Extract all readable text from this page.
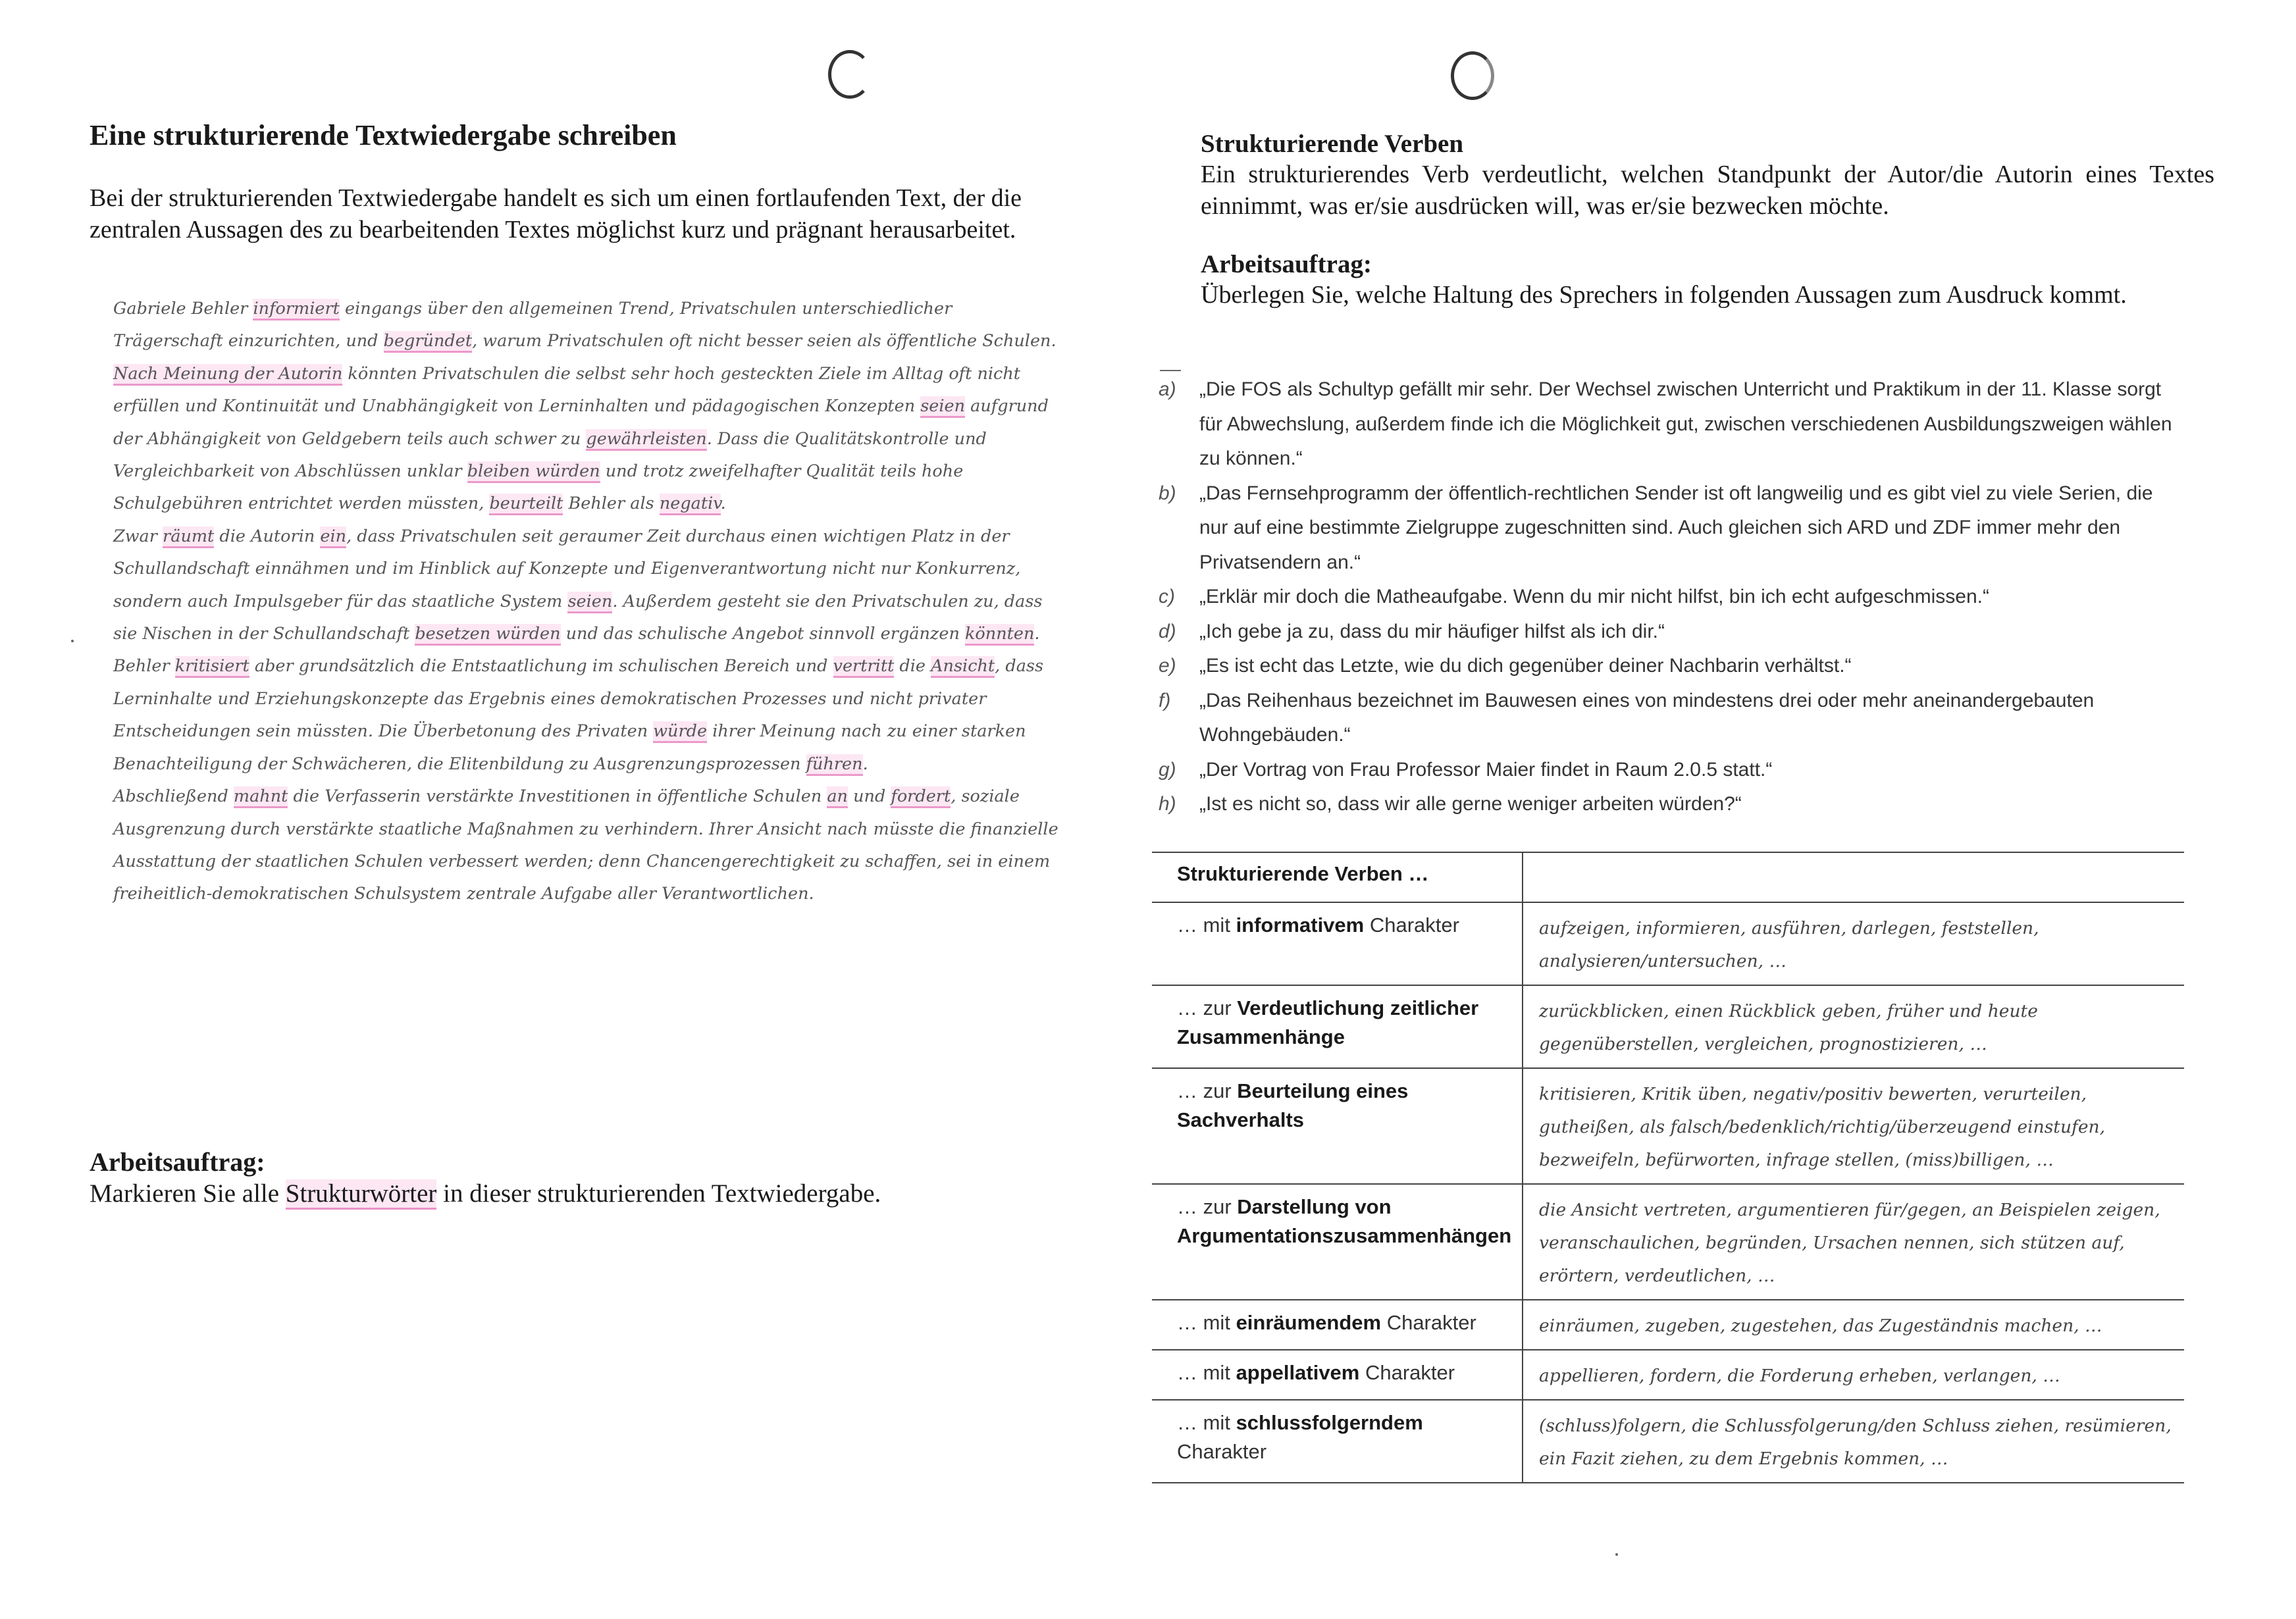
Eine strukturierende Textwiedergabe schreiben
Bei der strukturierenden Textwiedergabe handelt es sich um einen fortlaufenden Text, der die zentralen Aussagen des zu bearbeitenden Textes möglichst kurz und prägnant herausarbeitet.

Gabriele Behler informiert eingangs über den allgemeinen Trend, Privatschulen unterschiedlicher Trägerschaft einzurichten, und begründet, warum Privatschulen oft nicht besser seien als öffentliche Schulen. Nach Meinung der Autorin könnten Privatschulen die selbst sehr hoch gesteckten Ziele im Alltag oft nicht erfüllen und Kontinuität und Unabhängigkeit von Lerninhalten und pädagogischen Konzepten seien aufgrund der Abhängigkeit von Geldgebern teils auch schwer zu gewährleisten. Dass die Qualitätskontrolle und Vergleichbarkeit von Abschlüssen unklar bleiben würden und trotz zweifelhafter Qualität teils hohe Schulgebühren entrichtet werden müssten, beurteilt Behler als negativ.

Zwar räumt die Autorin ein, dass Privatschulen seit geraumer Zeit durchaus einen wichtigen Platz in der Schullandschaft einnähmen und im Hinblick auf Konzepte und Eigenverantwortung nicht nur Konkurrenz, sondern auch Impulsgeber für das staatliche System seien. Außerdem gesteht sie den Privatschulen zu, dass sie Nischen in der Schullandschaft besetzen würden und das schulische Angebot sinnvoll ergänzen könnten.

Behler kritisiert aber grundsätzlich die Entstaatlichung im schulischen Bereich und vertritt die Ansicht, dass Lerninhalte und Erziehungskonzepte das Ergebnis eines demokratischen Prozesses und nicht privater Entscheidungen sein müssten. Die Überbetonung des Privaten würde ihrer Meinung nach zu einer starken Benachteiligung der Schwächeren, die Elitenbildung zu Ausgrenzungsprozessen führen.

Abschließend mahnt die Verfasserin verstärkte Investitionen in öffentliche Schulen an und fordert, soziale Ausgrenzung durch verstärkte staatliche Maßnahmen zu verhindern. Ihrer Ansicht nach müsste die finanzielle Ausstattung der staatlichen Schulen verbessert werden; denn Chancengerechtigkeit zu schaffen, sei in einem freiheitlich-demokratischen Schulsystem zentrale Aufgabe aller Verantwortlichen.

Arbeitsauftrag:
Markieren Sie alle Strukturwörter in dieser strukturierenden Textwiedergabe.
Strukturierende Verben
Ein strukturierendes Verb verdeutlicht, welchen Standpunkt der Autor/die Autorin eines Textes einnimmt, was er/sie ausdrücken will, was er/sie bezwecken möchte.
Arbeitsauftrag:
Überlegen Sie, welche Haltung des Sprechers in folgenden Aussagen zum Ausdruck kommt.
a)	„Die FOS als Schultyp gefällt mir sehr. Der Wechsel zwischen Unterricht und Praktikum in der 11. Klasse sorgt für Abwechslung, außerdem finde ich die Möglichkeit gut, zwischen verschiedenen Ausbildungszweigen wählen zu können.“
b)	„Das Fernsehprogramm der öffentlich-rechtlichen Sender ist oft langweilig und es gibt viel zu viele Serien, die nur auf eine bestimmte Zielgruppe zugeschnitten sind. Auch gleichen sich ARD und ZDF immer mehr den Privatsendern an.“
c)	„Erklär mir doch die Matheaufgabe. Wenn du mir nicht hilfst, bin ich echt aufgeschmissen.“
d)	„Ich gebe ja zu, dass du mir häufiger hilfst als ich dir.“
e)	„Es ist echt das Letzte, wie du dich gegenüber deiner Nachbarin verhältst.“
f)	„Das Reihenhaus bezeichnet im Bauwesen eines von mindestens drei oder mehr aneinandergebauten Wohngebäuden.“
g)	„Der Vortrag von Frau Professor Maier findet in Raum 2.0.5 statt.“
h)	„Ist es nicht so, dass wir alle gerne weniger arbeiten würden?“
Strukturierende Verben …	
… mit informativem Charakter	aufzeigen, informieren, ausführen, darlegen, feststellen, analysieren/untersuchen, …
… zur Verdeutlichung zeitlicher Zusammenhänge	zurückblicken, einen Rückblick geben, früher und heute gegenüberstellen, vergleichen, prognostizieren, …
… zur Beurteilung eines Sachverhalts	kritisieren, Kritik üben, negativ/positiv bewerten, verurteilen, gutheißen, als falsch/bedenklich/richtig/überzeugend einstufen, bezweifeln, befürworten, infrage stellen, (miss)billigen, …
… zur Darstellung von Argumentationszusammenhängen	die Ansicht vertreten, argumentieren für/gegen, an Beispielen zeigen, veranschaulichen, begründen, Ursachen nennen, sich stützen auf, erörtern, verdeutlichen, …
… mit einräumendem Charakter	einräumen, zugeben, zugestehen, das Zugeständnis machen, …
… mit appellativem Charakter	appellieren, fordern, die Forderung erheben, verlangen, …
… mit schlussfolgerndem Charakter	(schluss)folgern, die Schlussfolgerung/den Schluss ziehen, resümieren, ein Fazit ziehen, zu dem Ergebnis kommen, …
